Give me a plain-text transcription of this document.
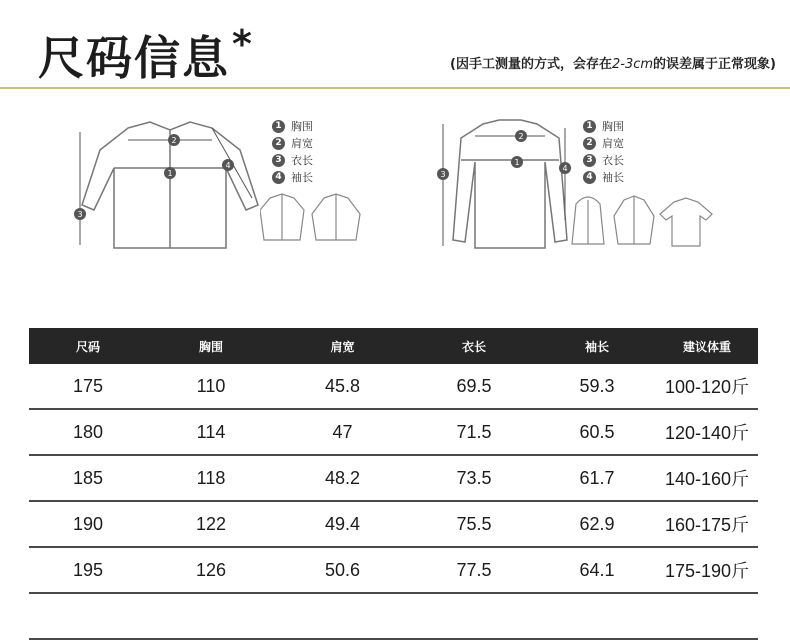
尺码信息*	(因手工测量的方式，会存在2-3cm的误差属于正常现象)
1
2
3
4
1 胸围
2 肩宽
3 衣长
4 袖长
1
2
3
4
1 胸围
2 肩宽
3 衣长
4 袖长
尺码	胸围	肩宽	衣长	袖长	建议体重
175	110	45.8	69.5	59.3	100-120斤
180	114	47	71.5	60.5	120-140斤
185	118	48.2	73.5	61.7	140-160斤
190	122	49.4	75.5	62.9	160-175斤
195	126	50.6	77.5	64.1	175-190斤
